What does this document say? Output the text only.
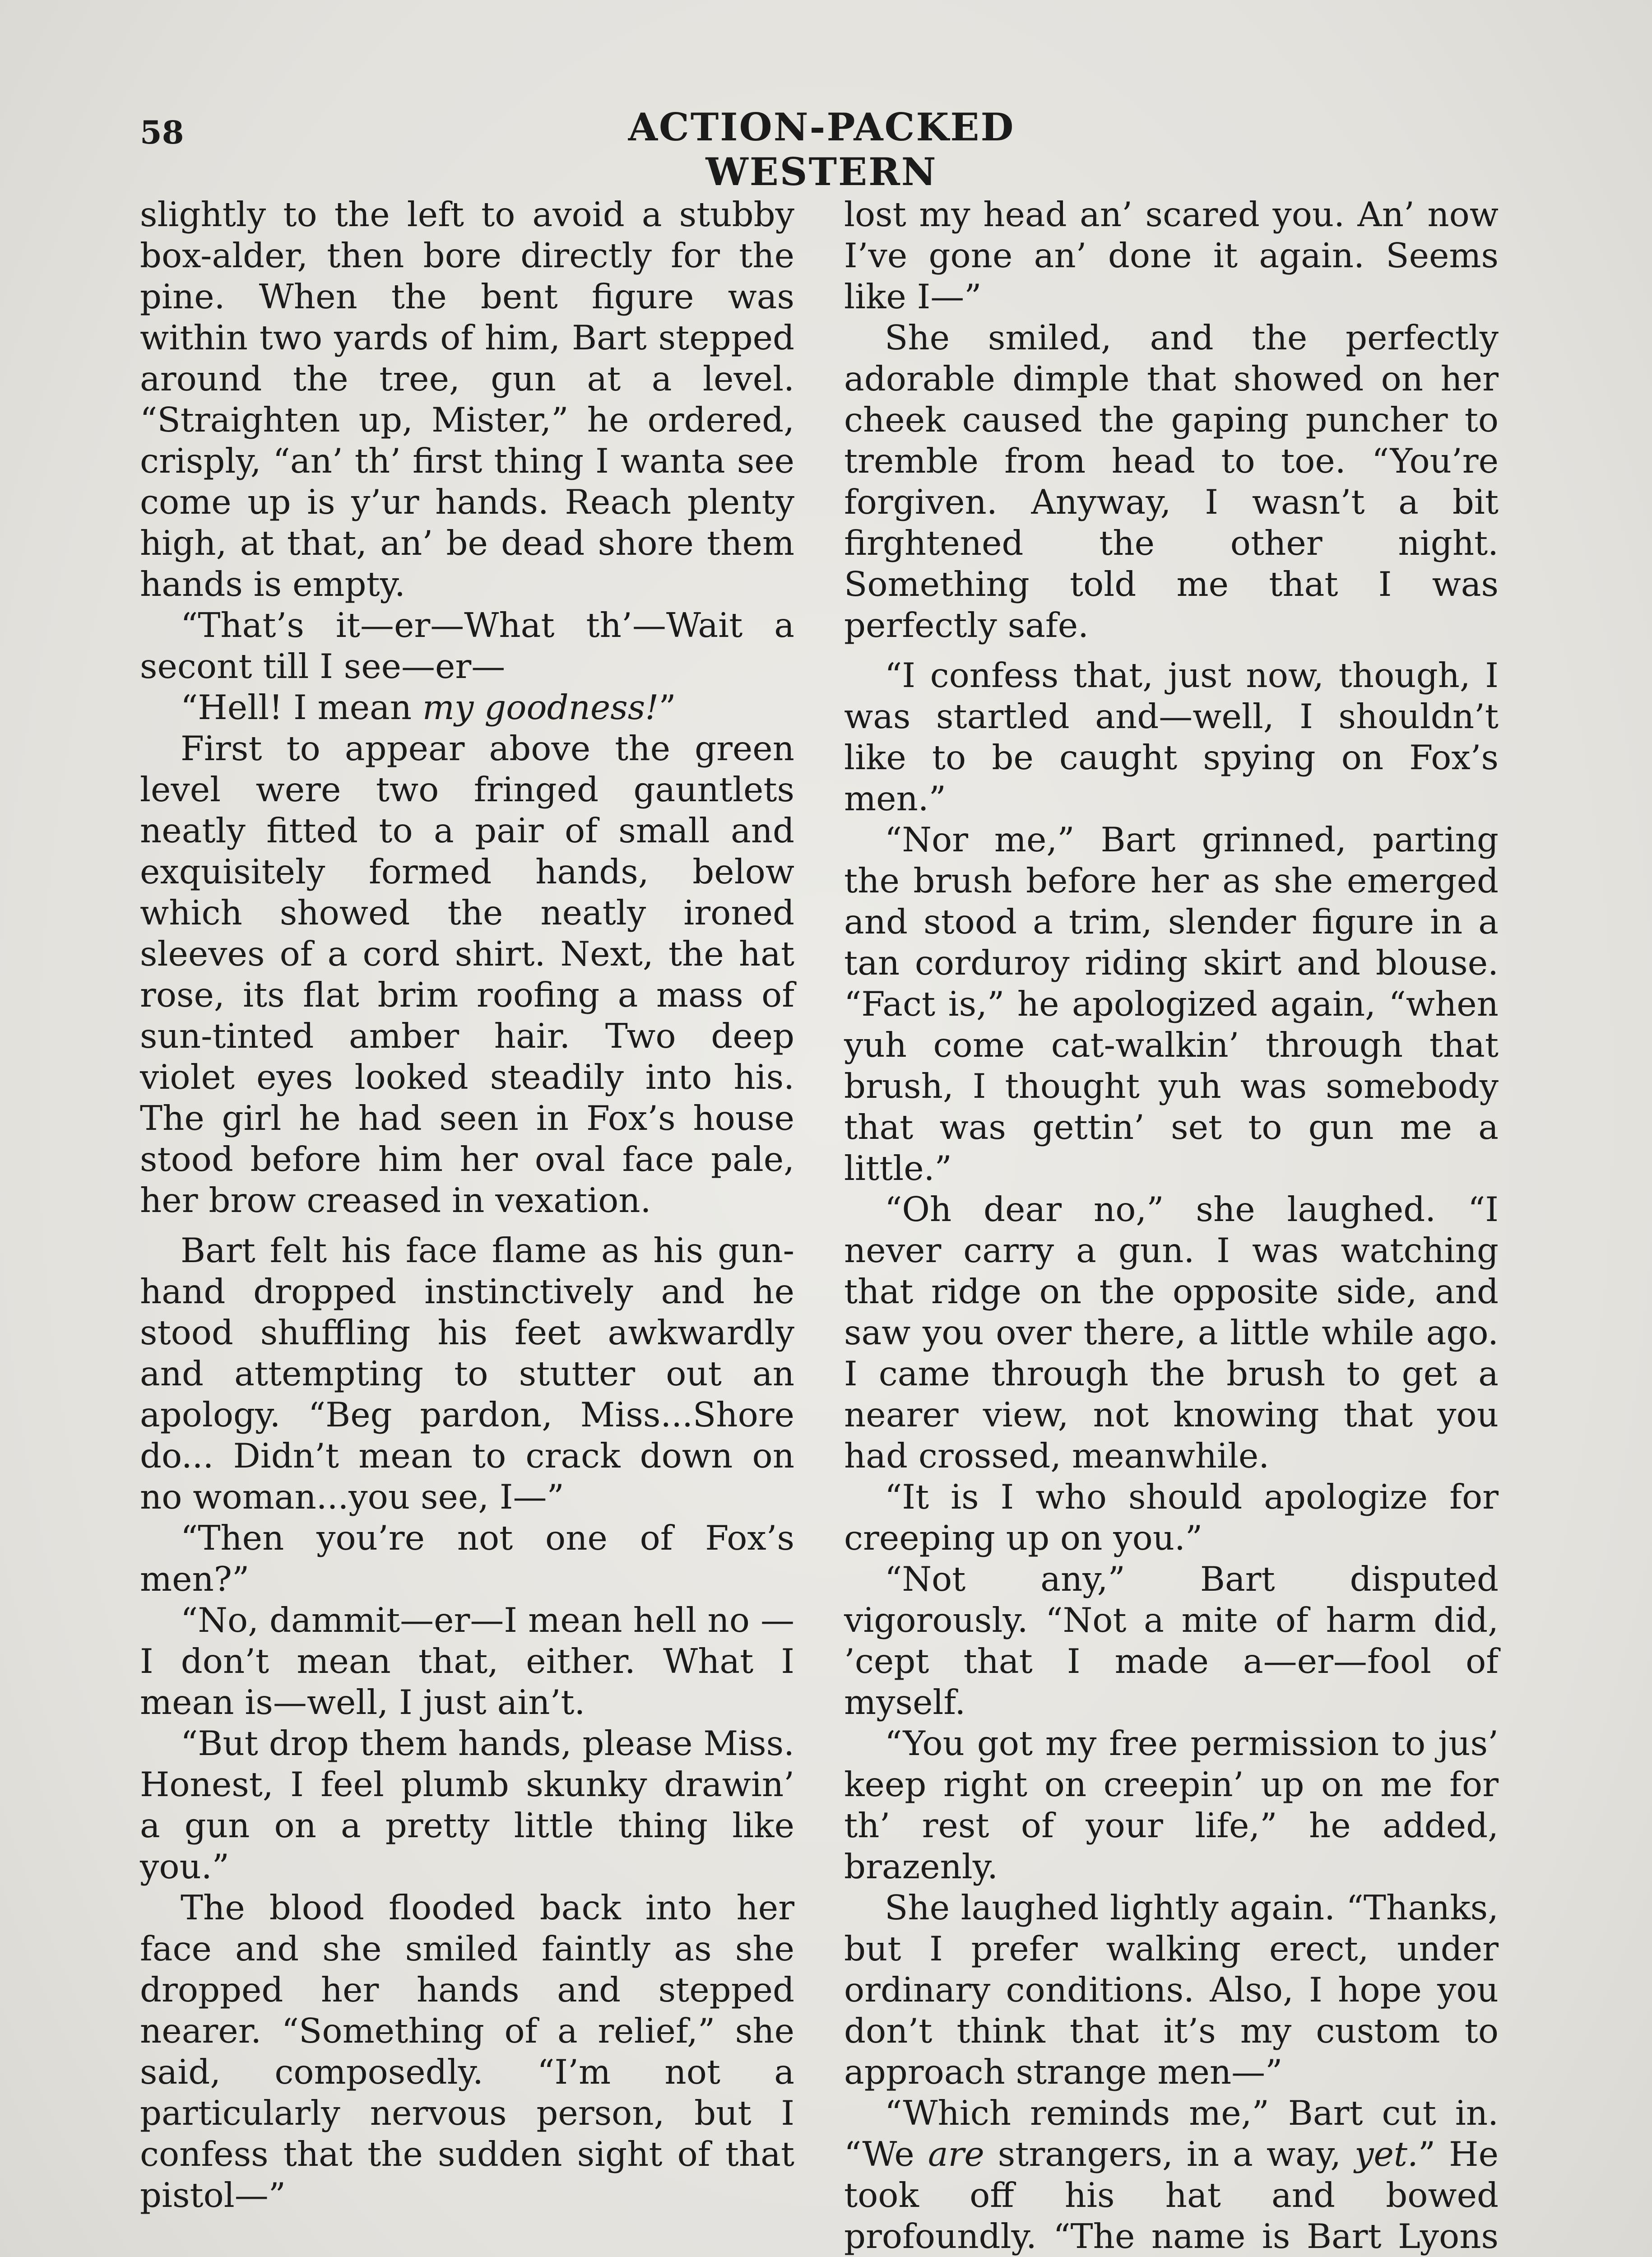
58	ACTION-PACKED WESTERN

slightly to the left to avoid a stubby box-alder, then bore directly for the pine. When the bent figure was within two yards of him, Bart stepped around the tree, gun at a level. “Straighten up, Mister,” he ordered, crisply, “an’ th’ first thing I wanta see come up is y’ur hands. Reach plenty high, at that, an’ be dead shore them hands is empty.

“That’s it—er—What th’—Wait a secont till I see—er—

“Hell! I mean my goodness!”

First to appear above the green level were two fringed gauntlets neatly fitted to a pair of small and exquisitely formed hands, below which showed the neatly ironed sleeves of a cord shirt. Next, the hat rose, its flat brim roofing a mass of sun-tinted amber hair. Two deep violet eyes looked steadily into his. The girl he had seen in Fox’s house stood before him her oval face pale, her brow creased in vexation.

Bart felt his face flame as his gun-hand dropped instinctively and he stood shuffling his feet awkwardly and attempting to stutter out an apology. “Beg pardon, Miss...Shore do... Didn’t mean to crack down on no woman...you see, I—”

“Then you’re not one of Fox’s men?”

“No, dammit—er—I mean hell no —I don’t mean that, either. What I mean is—well, I just ain’t.

“But drop them hands, please Miss. Honest, I feel plumb skunky drawin’ a gun on a pretty little thing like you.”

The blood flooded back into her face and she smiled faintly as she dropped her hands and stepped nearer. “Something of a relief,” she said, composedly. “I’m not a particularly nervous person, but I confess that the sudden sight of that pistol—”

lost my head an’ scared you. An’ now I’ve gone an’ done it again. Seems like I—”

She smiled, and the perfectly adorable dimple that showed on her cheek caused the gaping puncher to tremble from head to toe. “You’re forgiven. Anyway, I wasn’t a bit firghtened the other night. Something told me that I was perfectly safe.

“I confess that, just now, though, I was startled and—well, I shouldn’t like to be caught spying on Fox’s men.”

“Nor me,” Bart grinned, parting the brush before her as she emerged and stood a trim, slender figure in a tan corduroy riding skirt and blouse. “Fact is,” he apologized again, “when yuh come cat-walkin’ through that brush, I thought yuh was somebody that was gettin’ set to gun me a little.”

“Oh dear no,” she laughed. “I never carry a gun. I was watching that ridge on the opposite side, and saw you over there, a little while ago. I came through the brush to get a nearer view, not knowing that you had crossed, meanwhile.

“It is I who should apologize for creeping up on you.”

“Not any,” Bart disputed vigorously. “Not a mite of harm did, ’cept that I made a—er—fool of myself.

“You got my free permission to jus’ keep right on creepin’ up on me for th’ rest of your life,” he added, brazenly.

She laughed lightly again. “Thanks, but I prefer walking erect, under ordinary conditions. Also, I hope you don’t think that it’s my custom to approach strange men—”

“Which reminds me,” Bart cut in. “We are strangers, in a way, yet.” He took off his hat and bowed profoundly. “The name is Bart Lyons
